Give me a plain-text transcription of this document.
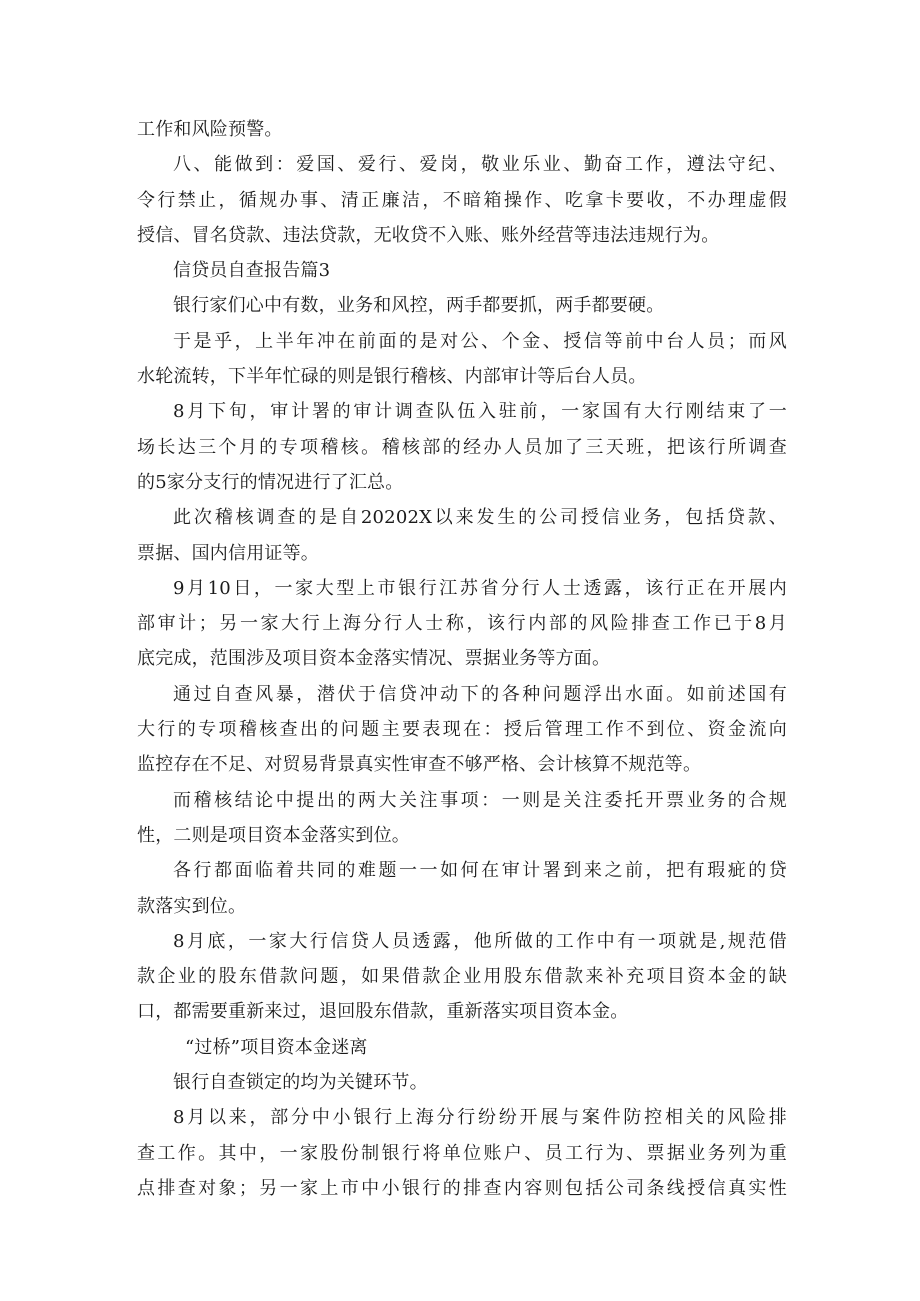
工作和风险预警。
八、能做到：爱国、爱行、爱岗，敬业乐业、勤奋工作，遵法守纪、
令行禁止，循规办事、清正廉洁，不暗箱操作、吃拿卡要收，不办理虚假
授信、冒名贷款、违法贷款，无收贷不入账、账外经营等违法违规行为。
信贷员自查报告篇3
银行家们心中有数，业务和风控，两手都要抓，两手都要硬。
于是乎，上半年冲在前面的是对公、个金、授信等前中台人员；而风
水轮流转，下半年忙碌的则是银行稽核、内部审计等后台人员。
8月下旬，审计署的审计调查队伍入驻前，一家国有大行刚结束了一
场长达三个月的专项稽核。稽核部的经办人员加了三天班，把该行所调查
的5家分支行的情况进行了汇总。
此次稽核调查的是自20202X以来发生的公司授信业务，包括贷款、
票据、国内信用证等。
9月10日，一家大型上市银行江苏省分行人士透露，该行正在开展内
部审计；另一家大行上海分行人士称，该行内部的风险排查工作已于8月
底完成，范围涉及项目资本金落实情况、票据业务等方面。
通过自查风暴，潜伏于信贷冲动下的各种问题浮出水面。如前述国有
大行的专项稽核查出的问题主要表现在：授后管理工作不到位、资金流向
监控存在不足、对贸易背景真实性审查不够严格、会计核算不规范等。
而稽核结论中提出的两大关注事项：一则是关注委托开票业务的合规
性，二则是项目资本金落实到位。
各行都面临着共同的难题一一如何在审计署到来之前，把有瑕疵的贷
款落实到位。
8月底，一家大行信贷人员透露，他所做的工作中有一项就是,规范借
款企业的股东借款问题，如果借款企业用股东借款来补充项目资本金的缺
口，都需要重新来过，退回股东借款，重新落实项目资本金。
“过桥”项目资本金迷离
银行自查锁定的均为关键环节。
8月以来，部分中小银行上海分行纷纷开展与案件防控相关的风险排
查工作。其中，一家股份制银行将单位账户、员工行为、票据业务列为重
点排查对象；另一家上市中小银行的排查内容则包括公司条线授信真实性
